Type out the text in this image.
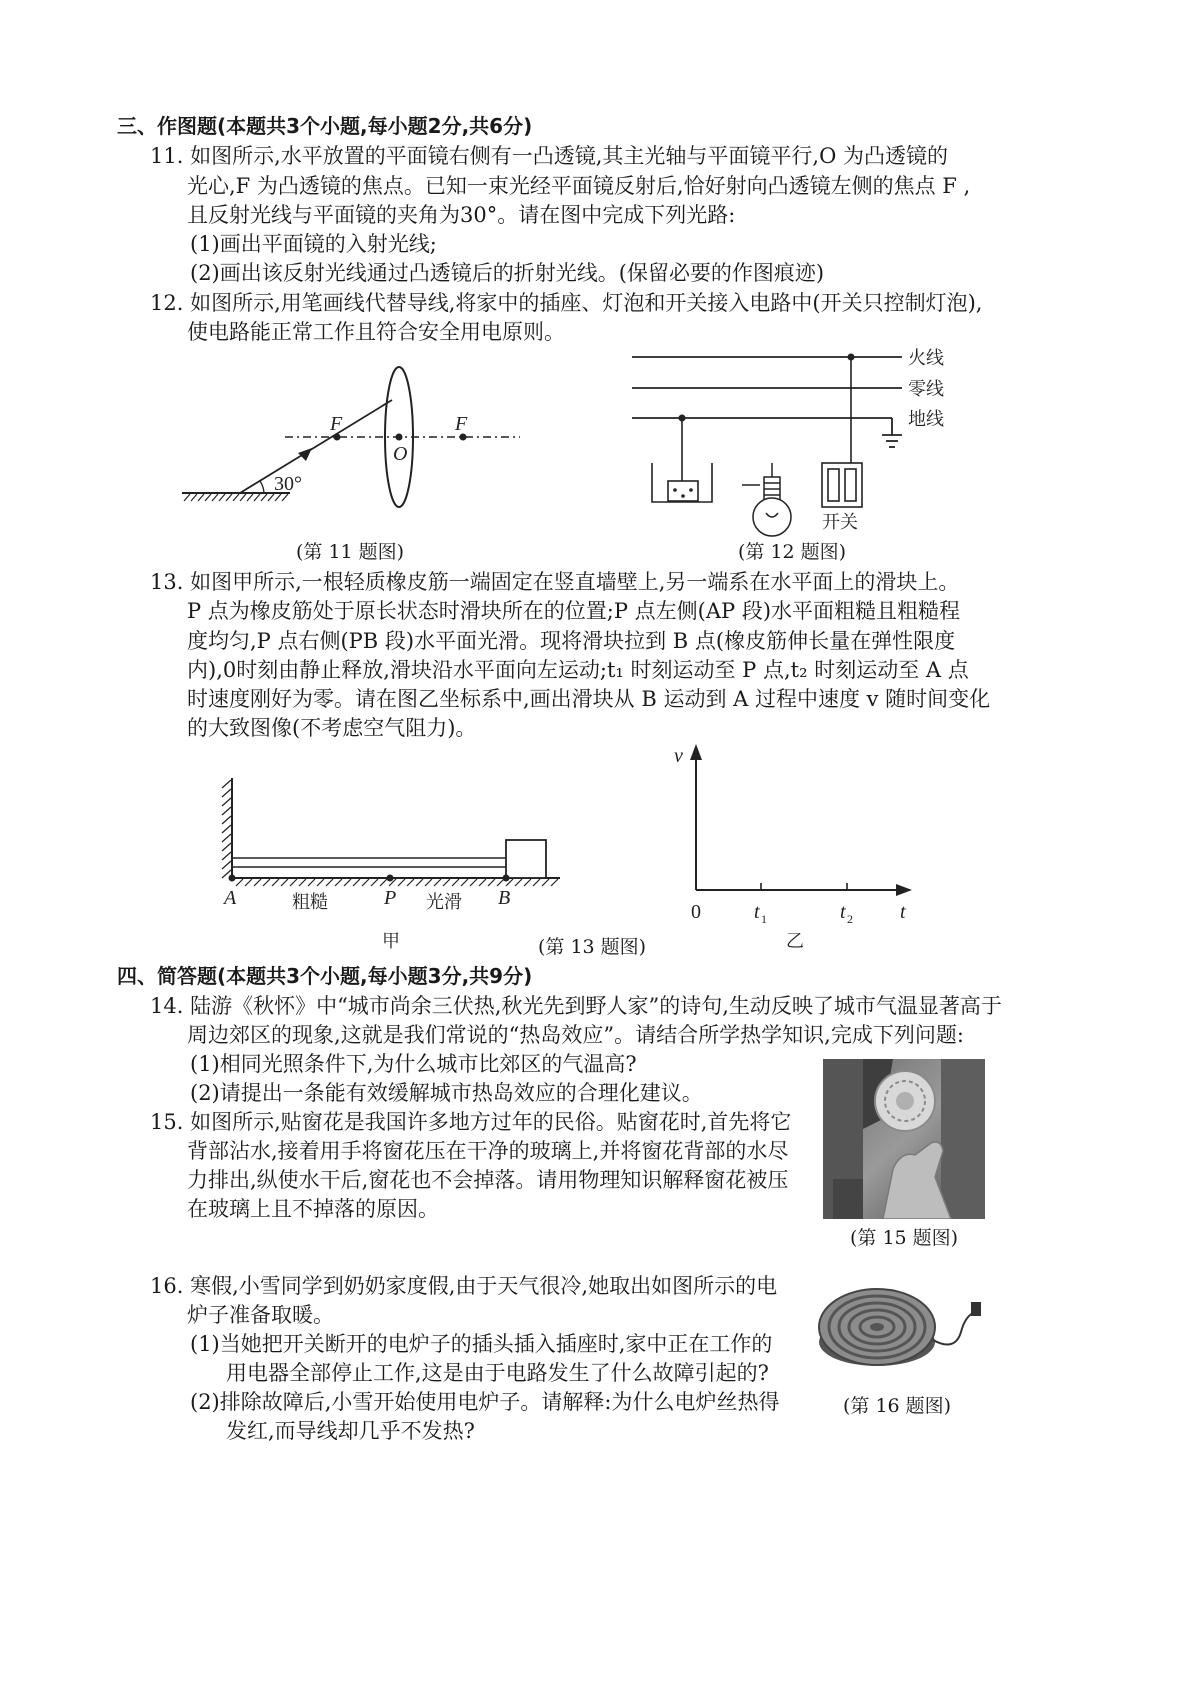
三、作图题(本题共3个小题,每小题2分,共6分)
11. 如图所示,水平放置的平面镜右侧有一凸透镜,其主光轴与平面镜平行,O 为凸透镜的
光心,F 为凸透镜的焦点。已知一束光经平面镜反射后,恰好射向凸透镜左侧的焦点 F ,
且反射光线与平面镜的夹角为30°。请在图中完成下列光路:
(1)画出平面镜的入射光线;
(2)画出该反射光线通过凸透镜后的折射光线。(保留必要的作图痕迹)
12. 如图所示,用笔画线代替导线,将家中的插座、灯泡和开关接入电路中(开关只控制灯泡),
使电路能正常工作且符合安全用电原则。
F	F
O
30°
(第 11 题图)
火线
零线
地线
开关
(第 12 题图)
13. 如图甲所示,一根轻质橡皮筋一端固定在竖直墙壁上,另一端系在水平面上的滑块上。
P 点为橡皮筋处于原长状态时滑块所在的位置;P 点左侧(AP 段)水平面粗糙且粗糙程
度均匀,P 点右侧(PB 段)水平面光滑。现将滑块拉到 B 点(橡皮筋伸长量在弹性限度
内),0时刻由静止释放,滑块沿水平面向左运动;t₁ 时刻运动至 P 点,t₂ 时刻运动至 A 点
时速度刚好为零。请在图乙坐标系中,画出滑块从 B 运动到 A 过程中速度 v 随时间变化
的大致图像(不考虑空气阻力)。
A	P	B
粗糙	光滑
甲
v
t
0	t 1	t 2
乙
(第 13 题图)
四、简答题(本题共3个小题,每小题3分,共9分)
14. 陆游《秋怀》中“城市尚余三伏热,秋光先到野人家”的诗句,生动反映了城市气温显著高于
周边郊区的现象,这就是我们常说的“热岛效应”。请结合所学热学知识,完成下列问题:
(1)相同光照条件下,为什么城市比郊区的气温高?
(2)请提出一条能有效缓解城市热岛效应的合理化建议。
15. 如图所示,贴窗花是我国许多地方过年的民俗。贴窗花时,首先将它
背部沾水,接着用手将窗花压在干净的玻璃上,并将窗花背部的水尽
力排出,纵使水干后,窗花也不会掉落。请用物理知识解释窗花被压
在玻璃上且不掉落的原因。
(第 15 题图)
16. 寒假,小雪同学到奶奶家度假,由于天气很冷,她取出如图所示的电
炉子准备取暖。
(1)当她把开关断开的电炉子的插头插入插座时,家中正在工作的
用电器全部停止工作,这是由于电路发生了什么故障引起的?
(2)排除故障后,小雪开始使用电炉子。请解释:为什么电炉丝热得
发红,而导线却几乎不发热?
(第 16 题图)
